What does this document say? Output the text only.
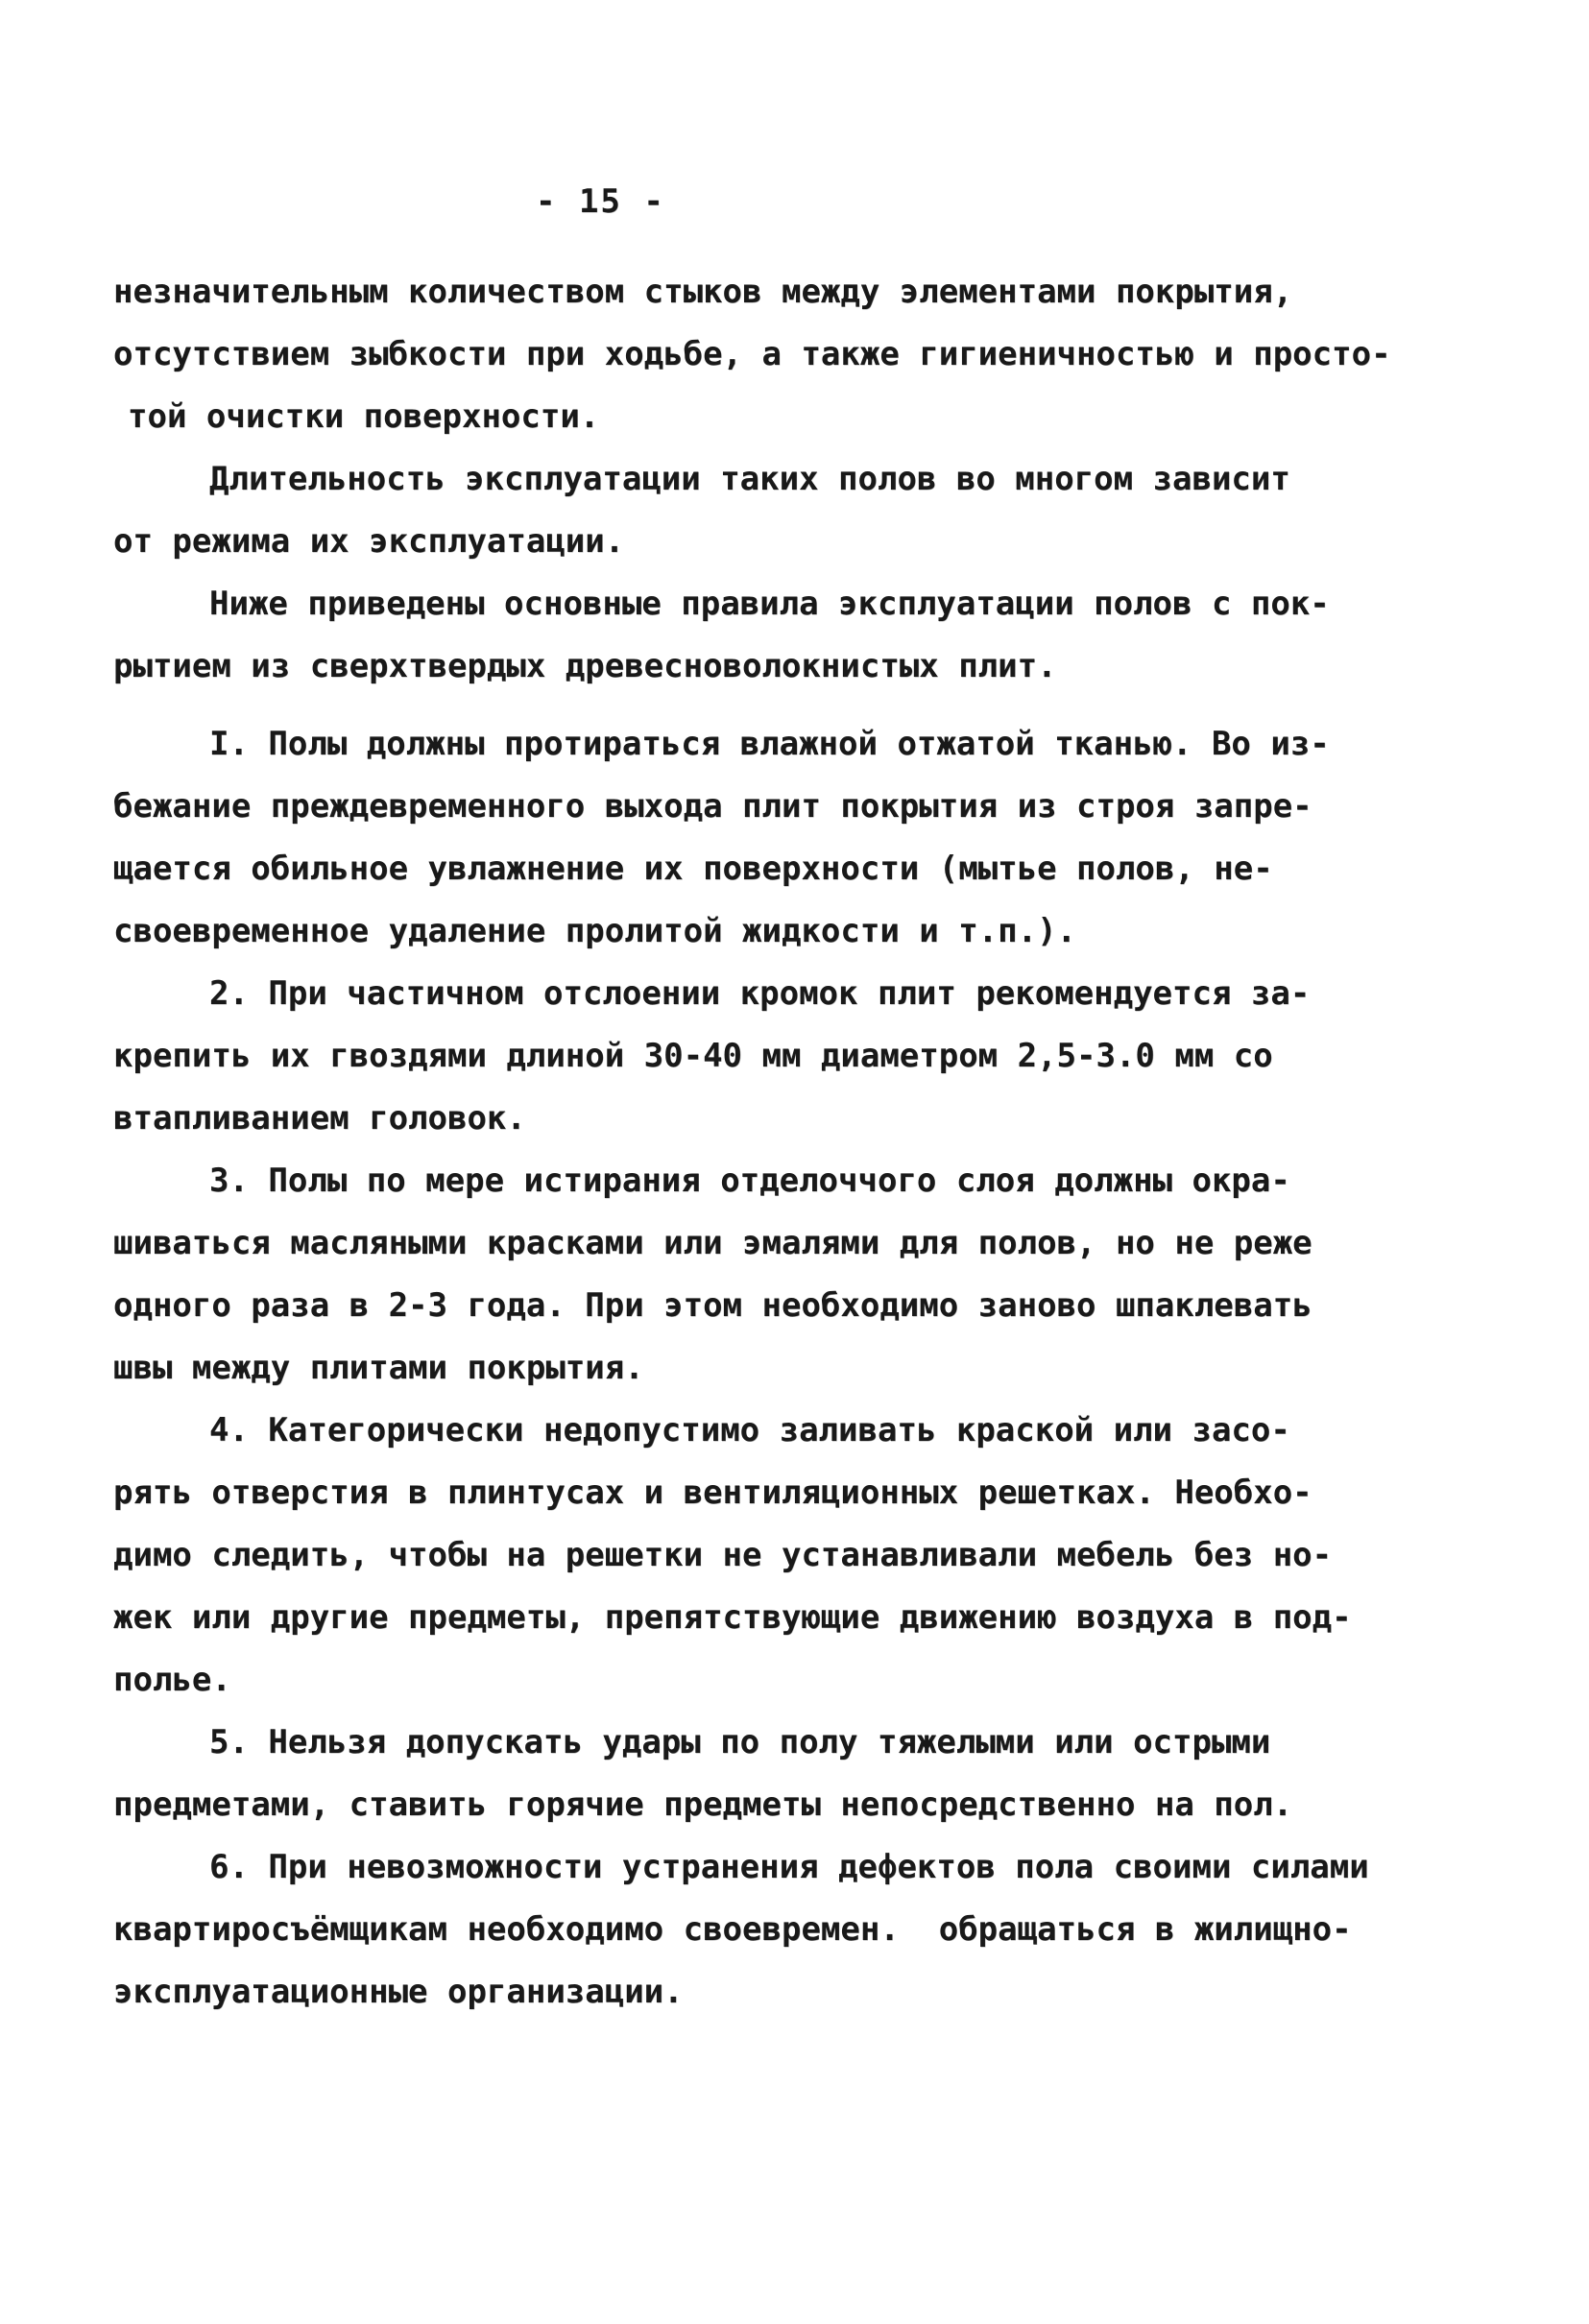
- 15 -
незначительным количеством стыков между элементами покрытия,
отсутствием зыбкости при ходьбе, а также гигиеничностью и просто-
той очистки поверхности.
Длительность эксплуатации таких полов во многом зависит
от режима их эксплуатации.
Ниже приведены основные правила эксплуатации полов с пок-
рытием из сверхтвердых древесноволокнистых плит.
I. Полы должны протираться влажной отжатой тканью. Во из-
бежание преждевременного выхода плит покрытия из строя запре-
щается обильное увлажнение их поверхности (мытье полов, не-
своевременное удаление пролитой жидкости и т.п.).
2. При частичном отслоении кромок плит рекомендуется за-
крепить их гвоздями длиной 30-40 мм диаметром 2,5-3.0 мм со
втапливанием головок.
3. Полы по мере истирания отделоччого слоя должны окра-
шиваться масляными красками или эмалями для полов, но не реже
одного раза в 2-3 года. При этом необходимо заново шпаклевать
швы между плитами покрытия.
4. Категорически недопустимо заливать краской или засо-
рять отверстия в плинтусах и вентиляционных решетках. Необхо-
димо следить, чтобы на решетки не устанавливали мебель без но-
жек или другие предметы, препятствующие движению воздуха в под-
полье.
5. Нельзя допускать удары по полу тяжелыми или острыми
предметами, ставить горячие предметы непосредственно на пол.
6. При невозможности устранения дефектов пола своими силами
квартиросъёмщикам необходимо своевремен.  обращаться в жилищно-
эксплуатационные организации.
